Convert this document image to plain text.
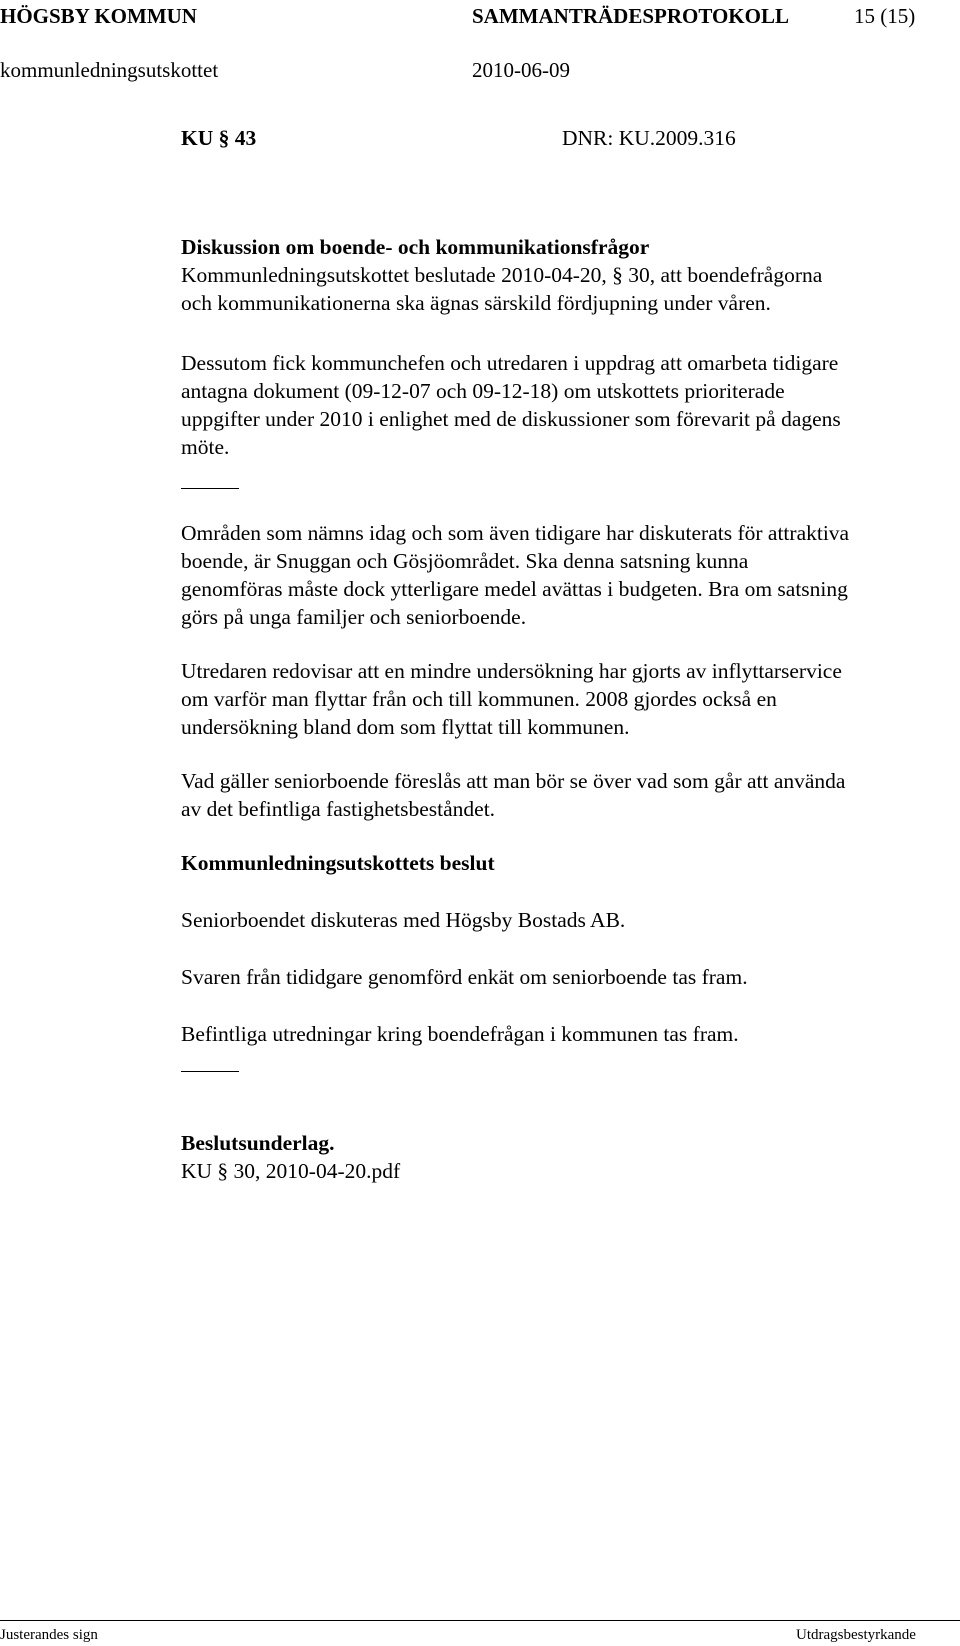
HÖGSBY KOMMUN	SAMMANTRÄDESPROTOKOLL	15 (15)
kommunledningsutskottet	2010-06-09
KU § 43	DNR: KU.2009.316
Diskussion om boende- och kommunikationsfrågor
Kommunledningsutskottet beslutade 2010-04-20, § 30, att boendefrågorna
och kommunikationerna ska ägnas särskild fördjupning under våren.
Dessutom fick kommunchefen och utredaren i uppdrag att omarbeta tidigare
antagna dokument (09-12-07 och 09-12-18) om utskottets prioriterade
uppgifter under 2010 i enlighet med de diskussioner som förevarit på dagens
möte.
Områden som nämns idag och som även tidigare har diskuterats för attraktiva
boende, är Snuggan och Gösjöområdet. Ska denna satsning kunna
genomföras måste dock ytterligare medel avättas i budgeten. Bra om satsning
görs på unga familjer och seniorboende.
Utredaren redovisar att en mindre undersökning har gjorts av inflyttarservice
om varför man flyttar från och till kommunen. 2008 gjordes också en
undersökning bland dom som flyttat till kommunen.
Vad gäller seniorboende föreslås att man bör se över vad som går att använda
av det befintliga fastighetsbeståndet.
Kommunledningsutskottets beslut
Seniorboendet diskuteras med Högsby Bostads AB.
Svaren från tididgare genomförd enkät om seniorboende tas fram.
Befintliga utredningar kring boendefrågan i kommunen tas fram.
Beslutsunderlag.
KU § 30, 2010-04-20.pdf
Justerandes sign	Utdragsbestyrkande
